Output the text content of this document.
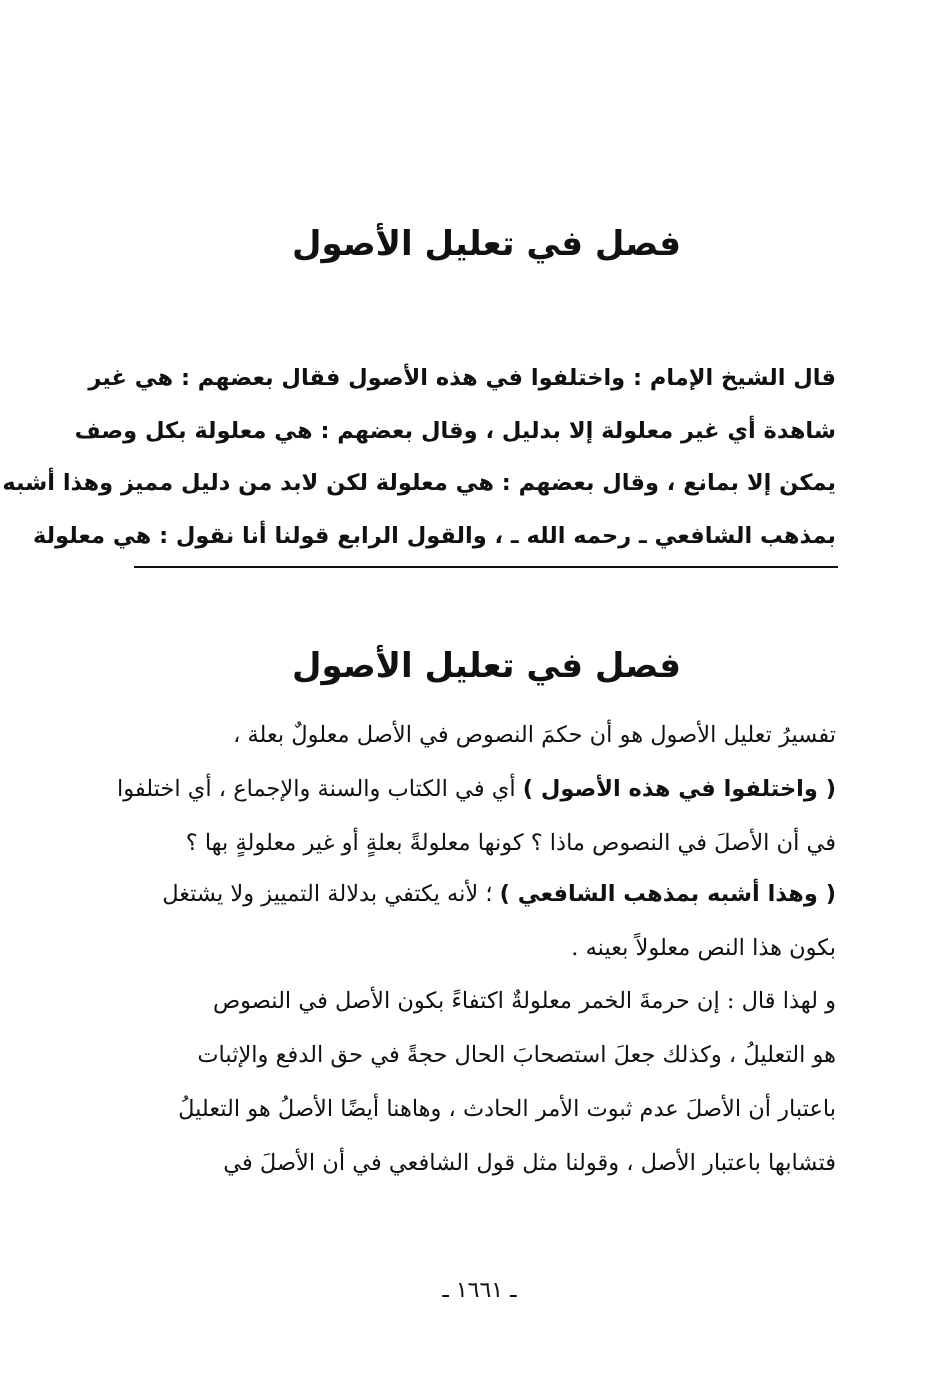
فصل في تعليل الأصول
قال الشيخ الإمام : واختلفوا في هذه الأصول فقال بعضهم : هي غير
شاهدة أي غير معلولة إلا بدليل ، وقال بعضهم : هي معلولة بكل وصف
يمكن إلا بمانع ، وقال بعضهم : هي معلولة لكن لابد من دليل مميز وهذا أشبه
بمذهب الشافعي ـ رحمه الله ـ ، والقول الرابع قولنا أنا نقول : هي معلولة
فصل في تعليل الأصول
تفسيرُ تعليل الأصول هو أن حكمَ النصوص في الأصل معلولٌ بعلة ،
( واختلفوا في هذه الأصول ) أي في الكتاب والسنة والإجماع ، أي اختلفوا
في أن الأصلَ في النصوص ماذا ؟ كونها معلولةً بعلةٍ أو غير معلولةٍ بها ؟
( وهذا أشبه بمذهب الشافعي ) ؛ لأنه يكتفي بدلالة التمييز ولا يشتغل
بكون هذا النص معلولاً بعينه .
و لهذا قال : إن حرمةَ الخمر معلولةٌ اكتفاءً بكون الأصل في النصوص
هو التعليلُ ، وكذلك جعلَ استصحابَ الحال حجةً في حق الدفع والإثبات
باعتبار أن الأصلَ عدم ثبوت الأمر الحادث ، وهاهنا أيضًا الأصلُ هو التعليلُ
فتشابها باعتبار الأصل ، وقولنا مثل قول الشافعي في أن الأصلَ في
ـ ١٦٦١ ـ
